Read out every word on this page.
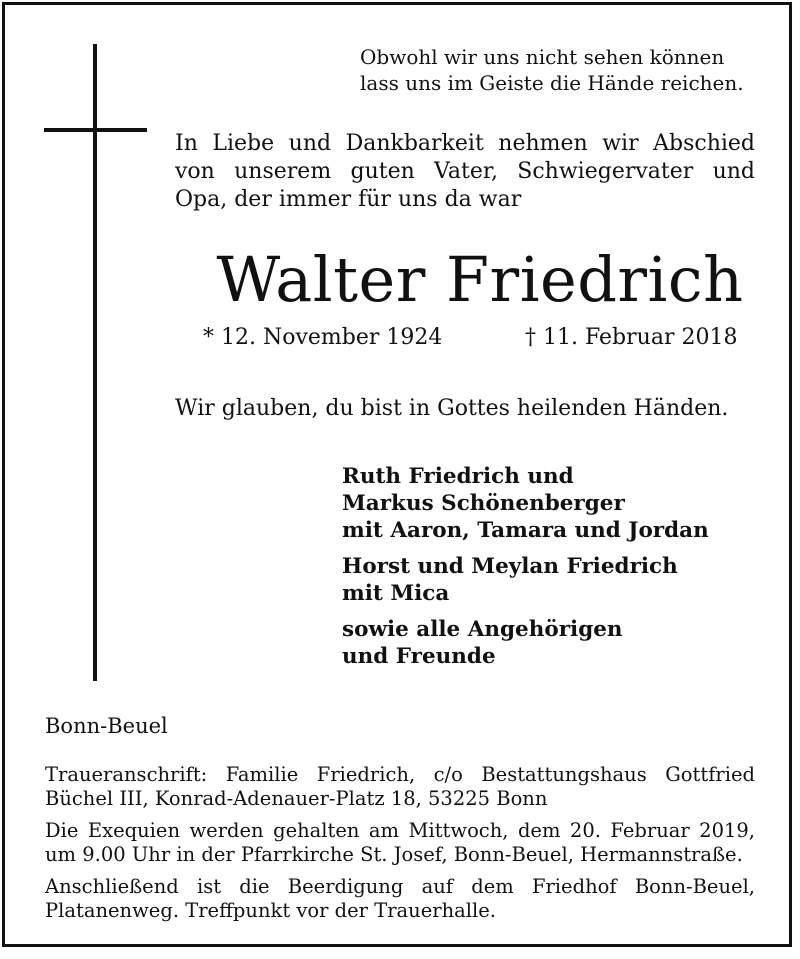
Obwohl wir uns nicht sehen können
lass uns im Geiste die Hände reichen.
In Liebe und Dankbarkeit nehmen wir Abschied
von unserem guten Vater, Schwiegervater und
Opa, der immer für uns da war
Walter Friedrich
* 12. November 1924	† 11. Februar 2018
Wir glauben, du bist in Gottes heilenden Händen.
Ruth Friedrich und
Markus Schönenberger
mit Aaron, Tamara und Jordan
Horst und Meylan Friedrich
mit Mica
sowie alle Angehörigen
und Freunde
Bonn-Beuel

Traueranschrift: Familie Friedrich, c/o Bestattungshaus Gottfried
Büchel III, Konrad-Adenauer-Platz 18, 53225 Bonn

Die Exequien werden gehalten am Mittwoch, dem 20. Februar 2019,
um 9.00 Uhr in der Pfarrkirche St. Josef, Bonn-Beuel, Hermannstraße.

Anschließend ist die Beerdigung auf dem Friedhof Bonn-Beuel,
Platanenweg. Treffpunkt vor der Trauerhalle.
